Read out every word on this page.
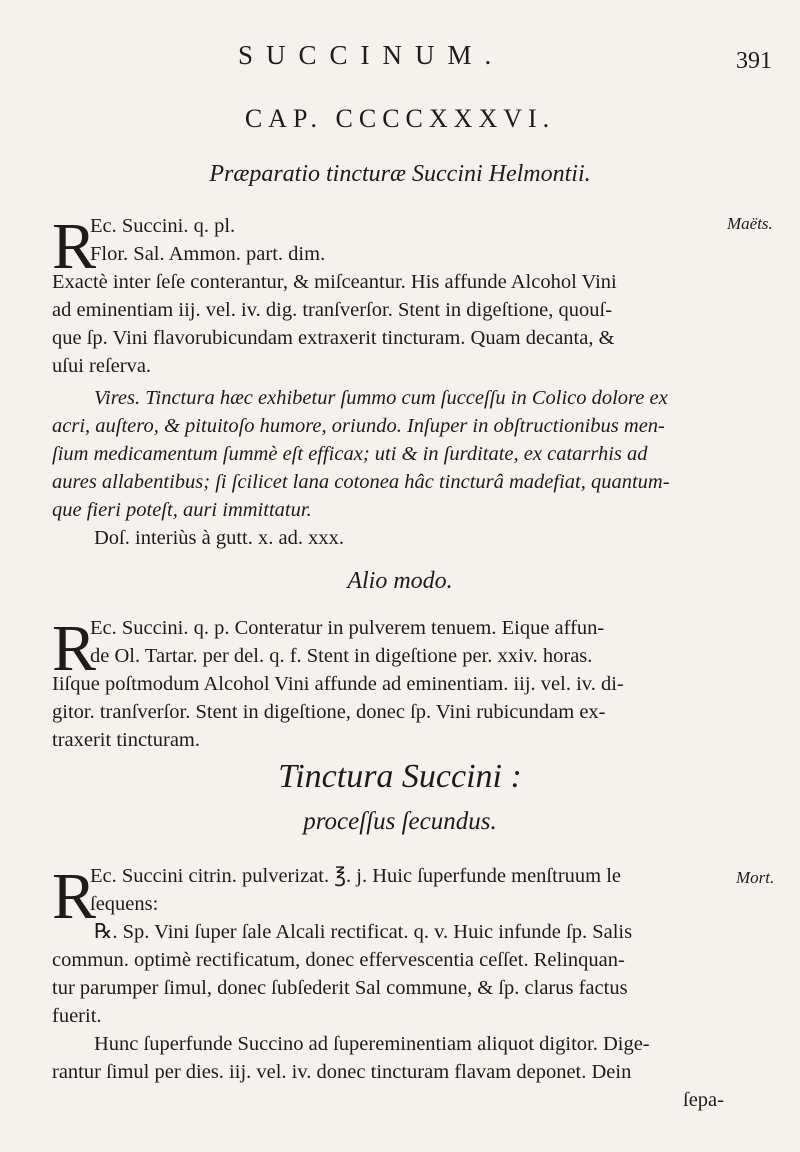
SUCCINUM.	391
CAP. CCCCXXXVI.
Præparatio tincturæ Succini Helmontii.
R	Maëts.
Ec. Succini. q. pl.
Flor. Sal. Ammon. part. dim.
Exactè inter ſeſe conterantur, & miſceantur. His affunde Alcohol Vini
ad eminentiam iij. vel. iv. dig. tranſverſor. Stent in digeſtione, quouſ-
que ſp. Vini flavorubicundam extraxerit tincturam. Quam decanta, &
uſui reſerva.
Vires. Tinctura hæc exhibetur ſummo cum ſucceſſu in Colico dolore ex
acri, auſtero, & pituitoſo humore, oriundo. Inſuper in obſtructionibus men-
ſium medicamentum ſummè eſt efficax; uti & in ſurditate, ex catarrhis ad
aures allabentibus; ſi ſcilicet lana cotonea hâc tincturâ madefiat, quantum-
que fieri poteſt, auri immittatur.
Doſ. interiùs à gutt. x. ad. xxx.
Alio modo.
R
Ec. Succini. q. p. Conteratur in pulverem tenuem. Eique affun-
de Ol. Tartar. per del. q. f. Stent in digeſtione per. xxiv. horas.
Iiſque poſtmodum Alcohol Vini affunde ad eminentiam. iij. vel. iv. di-
gitor. tranſverſor. Stent in digeſtione, donec ſp. Vini rubicundam ex-
traxerit tincturam.
Tinctura Succini :
proceſſus ſecundus.
R	Mort.
Ec. Succini citrin. pulverizat. ℥. j. Huic ſuperfunde menſtruum le
ſequens:
℞. Sp. Vini ſuper ſale Alcali rectificat. q. v. Huic infunde ſp. Salis
commun. optimè rectificatum, donec effervescentia ceſſet. Relinquan-
tur parumper ſimul, donec ſubſederit Sal commune, & ſp. clarus factus
fuerit.
Hunc ſuperfunde Succino ad ſupereminentiam aliquot digitor. Dige-
rantur ſimul per dies. iij. vel. iv. donec tincturam flavam deponet. Dein
ſepa-
